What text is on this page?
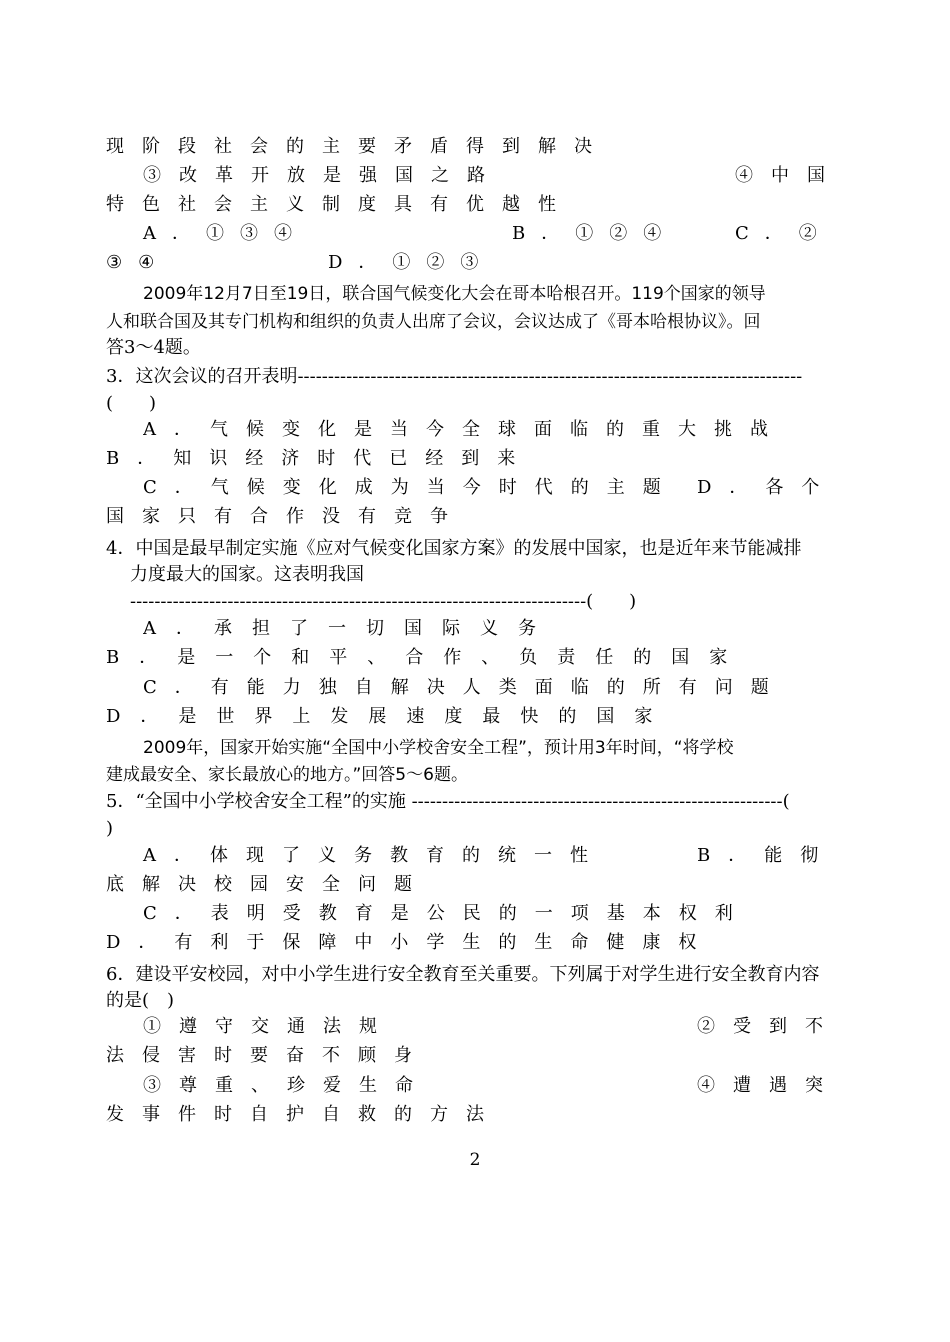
现阶段社会的主要矛盾得到解决
③改革开放是强国之路	④中国
特色社会主义制度具有优越性
A．①③④	B．①②④	C．②
③④	D．①②③
2009年12月7日至19日，联合国气候变化大会在哥本哈根召开。119个国家的领导
人和联合国及其专门机构和组织的负责人出席了会议，会议达成了《哥本哈根协议》。回
答3～4题。
3．这次会议的召开表明-----------------------------------------------------------------------------------
(　　)
A．气候变化是当今全球面临的重大挑战
B．知识经济时代已经到来
C．气候变化成为当今时代的主题 D．各个
国家只有合作没有竞争
4．中国是最早制定实施《应对气候变化国家方案》的发展中国家，也是近年来节能减排
力度最大的国家。这表明我国
---------------------------------------------------------------------------(　　)
A．承担了一切国际义务
B．是一个和平、合作、负责任的国家
C．有能力独自解决人类面临的所有问题
D．是世界上发展速度最快的国家
2009年，国家开始实施“全国中小学校舍安全工程”，预计用3年时间，“将学校
建成最安全、家长最放心的地方。”回答5～6题。
5．“全国中小学校舍安全工程”的实施 -------------------------------------------------------------(
)
A．体现了义务教育的统一性	B．能彻
底解决校园安全问题
C．表明受教育是公民的一项基本权利
D．有利于保障中小学生的生命健康权
6．建设平安校园，对中小学生进行安全教育至关重要。下列属于对学生进行安全教育内容
的是(　)
①遵守交通法规	②受到不
法侵害时要奋不顾身
③尊重、珍爱生命	④遭遇突
发事件时自护自救的方法
2
